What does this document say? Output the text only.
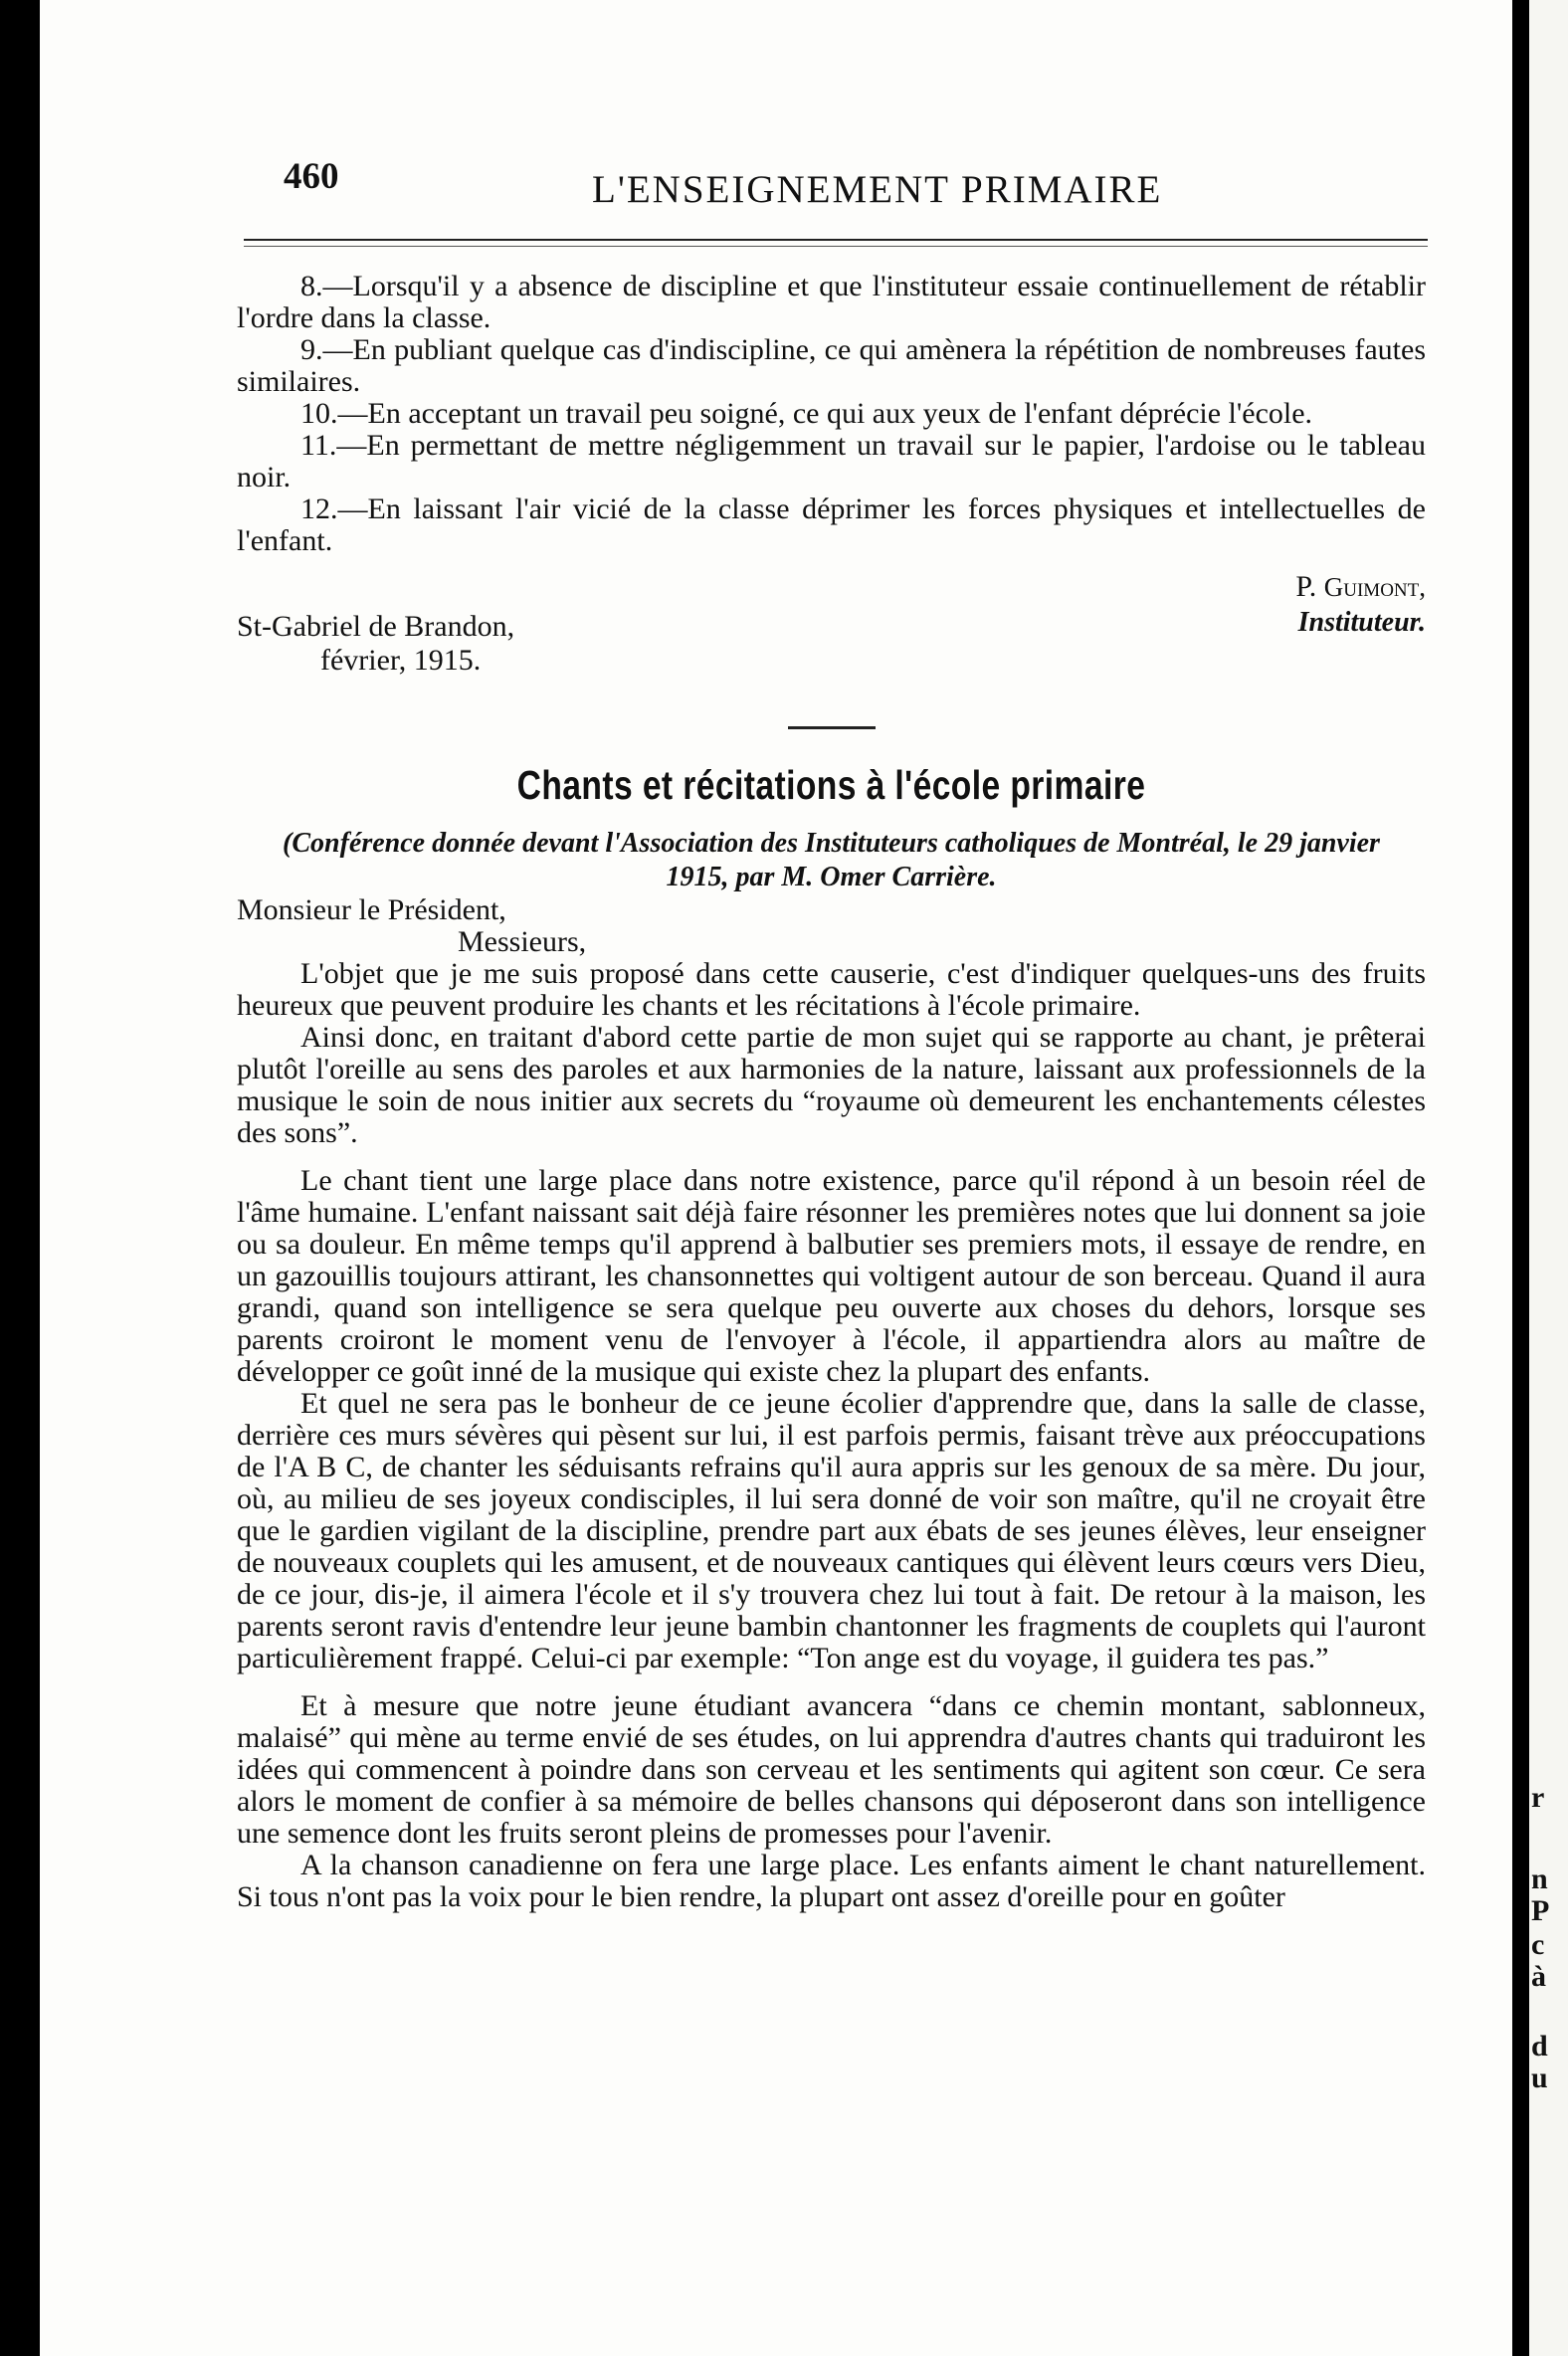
460	L'ENSEIGNEMENT PRIMAIRE

8.—Lorsqu'il y a absence de discipline et que l'instituteur essaie continuellement de rétablir l'ordre dans la classe.

9.—En publiant quelque cas d'indiscipline, ce qui amènera la répétition de nombreuses fautes similaires.

10.—En acceptant un travail peu soigné, ce qui aux yeux de l'enfant déprécie l'école.

11.—En permettant de mettre négligemment un travail sur le papier, l'ardoise ou le tableau noir.

12.—En laissant l'air vicié de la classe déprimer les forces physiques et intellectuelles de l'enfant.

P. Guimont,
St-Gabriel de Brandon,
février, 1915.
Instituteur.
Chants et récitations à l'école primaire
(Conférence donnée devant l'Association des Instituteurs catholiques de Montréal, le 29 janvier 1915, par M. Omer Carrière.

Monsieur le Président,

Messieurs,

L'objet que je me suis proposé dans cette causerie, c'est d'indiquer quelques-uns des fruits heureux que peuvent produire les chants et les récitations à l'école primaire.

Ainsi donc, en traitant d'abord cette partie de mon sujet qui se rapporte au chant, je prêterai plutôt l'oreille au sens des paroles et aux harmonies de la nature, laissant aux professionnels de la musique le soin de nous initier aux secrets du “royaume où demeurent les enchantements célestes des sons”.

Le chant tient une large place dans notre existence, parce qu'il répond à un besoin réel de l'âme humaine. L'enfant naissant sait déjà faire résonner les premières notes que lui donnent sa joie ou sa douleur. En même temps qu'il apprend à balbutier ses premiers mots, il essaye de rendre, en un gazouillis toujours attirant, les chansonnettes qui voltigent autour de son berceau. Quand il aura grandi, quand son intelligence se sera quelque peu ouverte aux choses du dehors, lorsque ses parents croiront le moment venu de l'envoyer à l'école, il appartiendra alors au maître de développer ce goût inné de la musique qui existe chez la plupart des enfants.

Et quel ne sera pas le bonheur de ce jeune écolier d'apprendre que, dans la salle de classe, derrière ces murs sévères qui pèsent sur lui, il est parfois permis, faisant trève aux préoccupations de l'A B C, de chanter les séduisants refrains qu'il aura appris sur les genoux de sa mère. Du jour, où, au milieu de ses joyeux condisciples, il lui sera donné de voir son maître, qu'il ne croyait être que le gardien vigilant de la discipline, prendre part aux ébats de ses jeunes élèves, leur enseigner de nouveaux couplets qui les amusent, et de nouveaux cantiques qui élèvent leurs cœurs vers Dieu, de ce jour, dis-je, il aimera l'école et il s'y trouvera chez lui tout à fait. De retour à la maison, les parents seront ravis d'entendre leur jeune bambin chantonner les fragments de couplets qui l'auront particulièrement frappé. Celui-ci par exemple: “Ton ange est du voyage, il guidera tes pas.”

Et à mesure que notre jeune étudiant avancera “dans ce chemin montant, sablonneux, malaisé” qui mène au terme envié de ses études, on lui apprendra d'autres chants qui traduiront les idées qui commencent à poindre dans son cerveau et les sentiments qui agitent son cœur. Ce sera alors le moment de confier à sa mémoire de belles chansons qui déposeront dans son intelligence une semence dont les fruits seront pleins de promesses pour l'avenir.

A la chanson canadienne on fera une large place. Les enfants aiment le chant naturellement. Si tous n'ont pas la voix pour le bien rendre, la plupart ont assez d'oreille pour en goûter

r
n
P
c
à
d
u
